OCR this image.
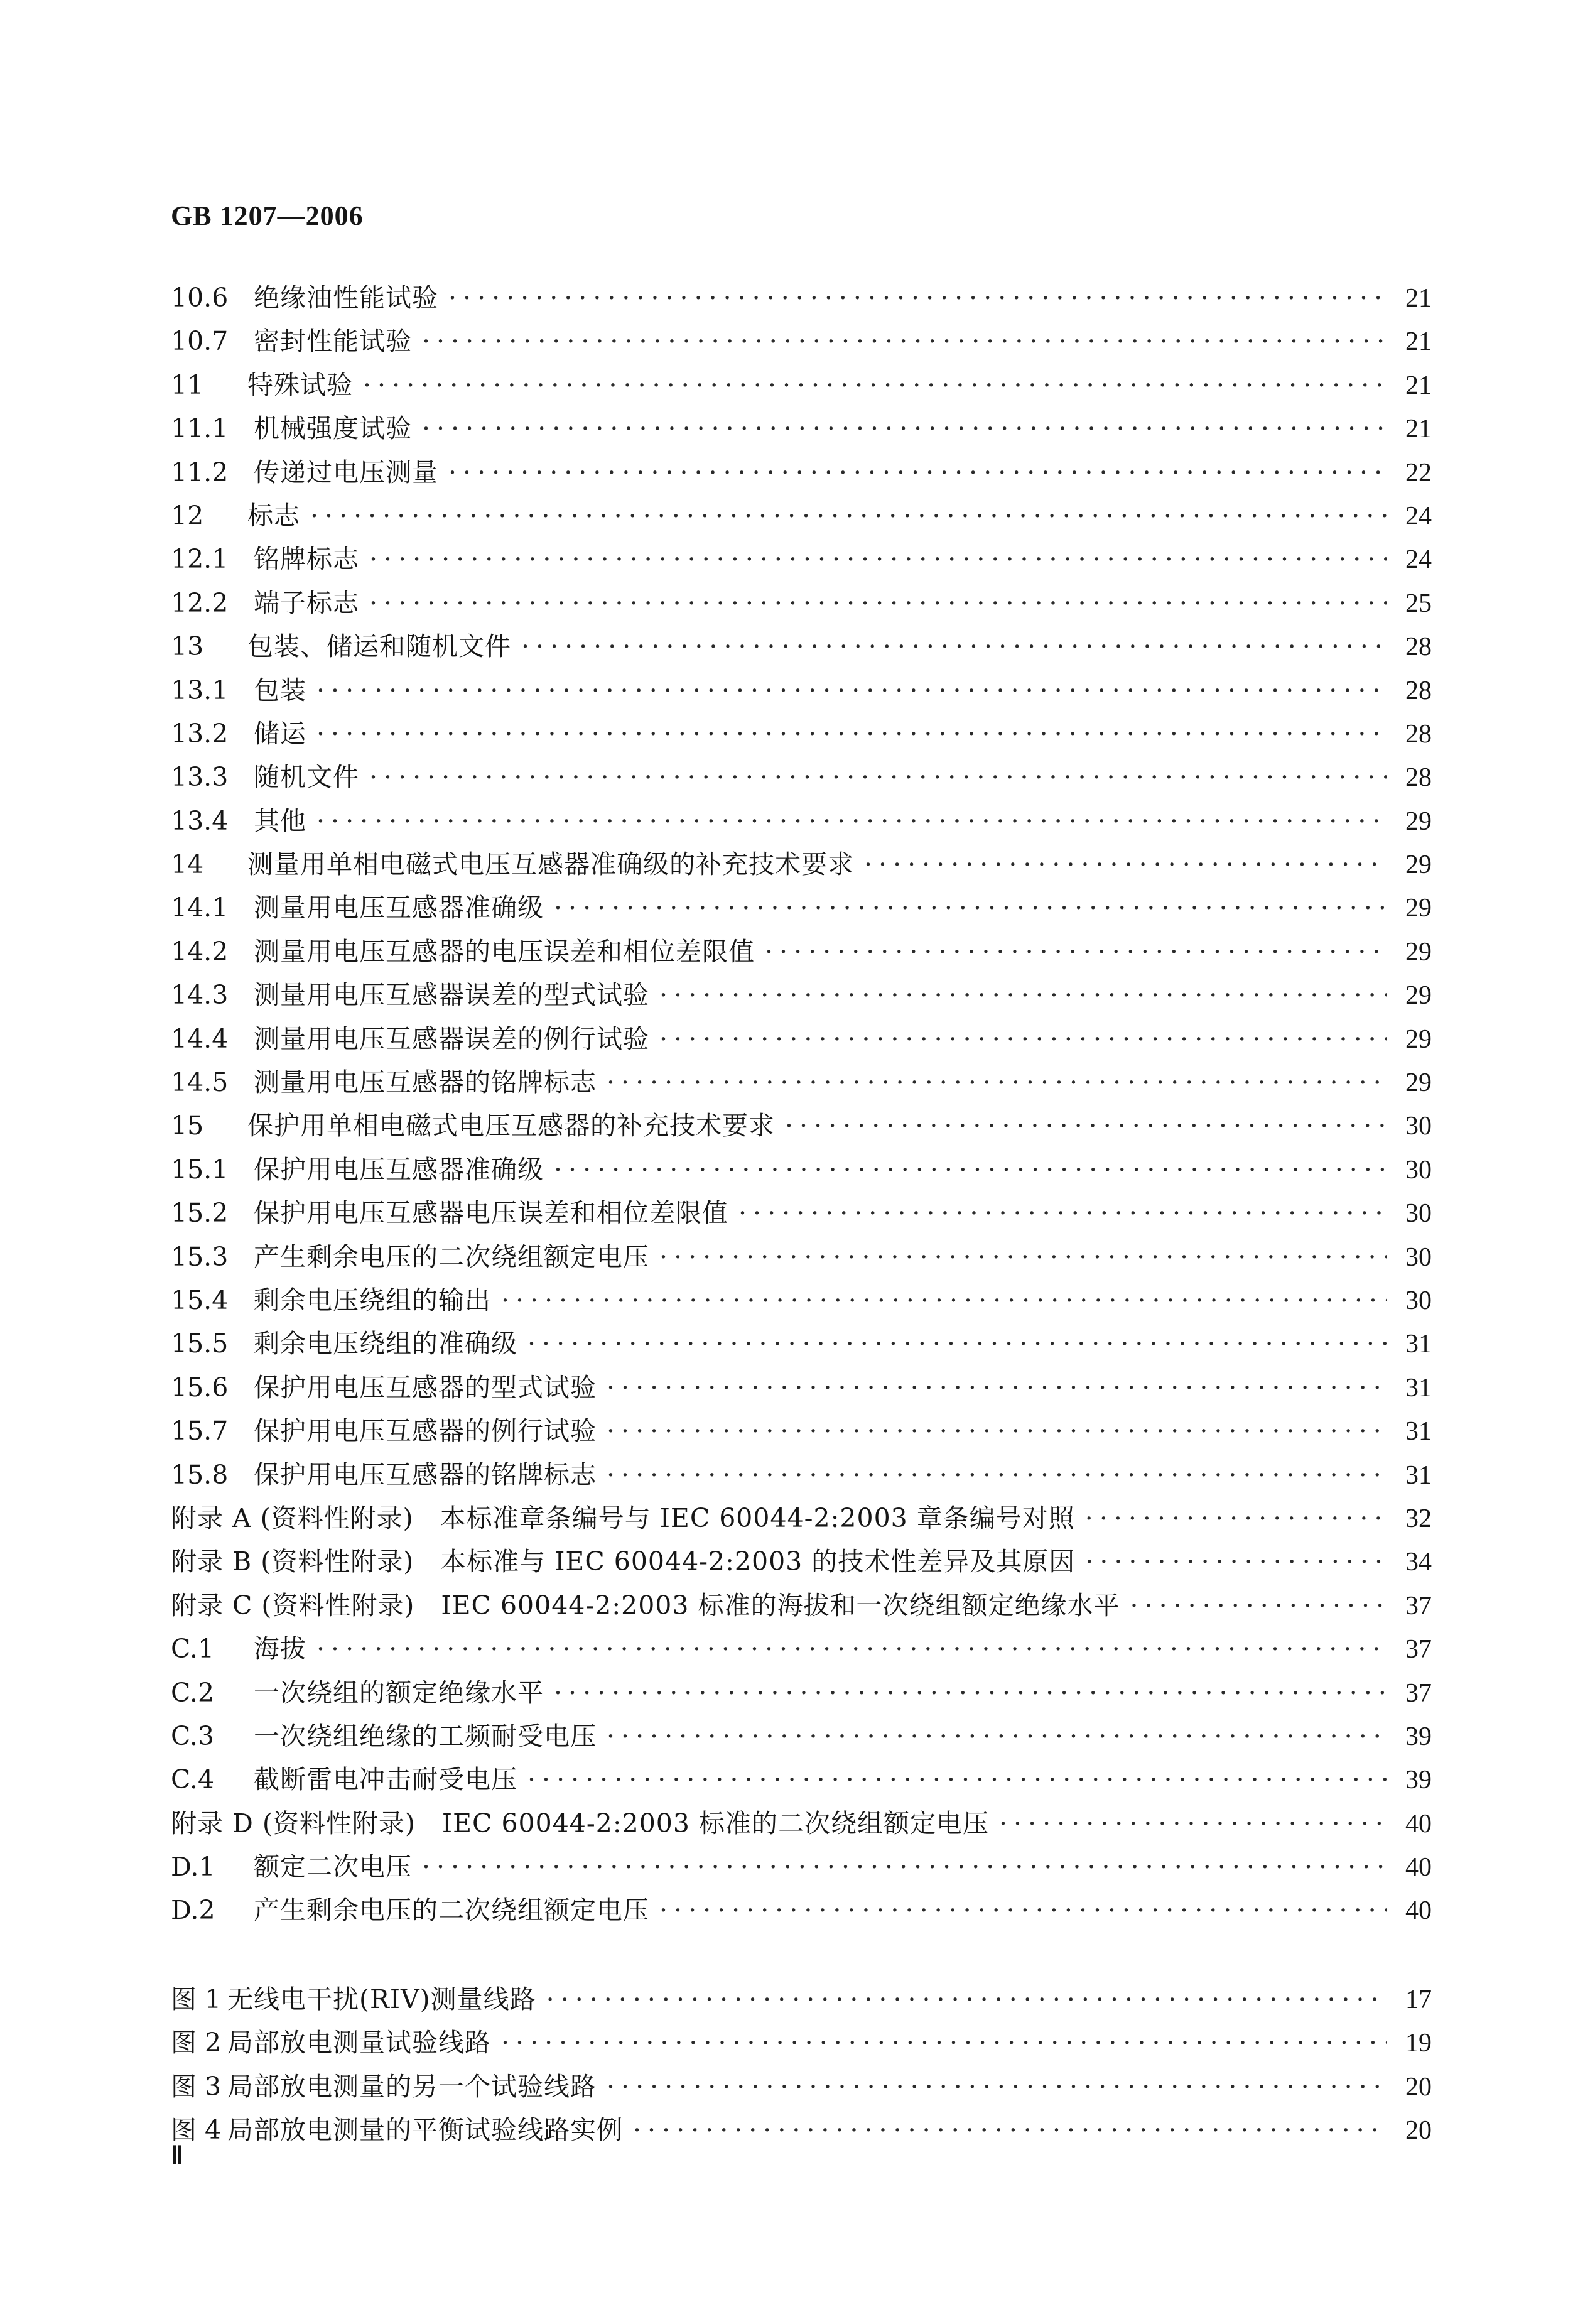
GB 1207—2006
10.6 绝缘油性能试验 ·····	21
10.7 密封性能试验 ·····	21
11	特殊试验 ·····	21
11.1 机械强度试验 ·····	21
11.2 传递过电压测量 ·····	22
12	标志 ·····	24
12.1 铭牌标志 ·····	24
12.2 端子标志 ·····	25
13	包装、储运和随机文件 ·····	28
13.1 包装 ·····	28
13.2 储运 ·····	28
13.3 随机文件 ·····	28
13.4 其他 ·····	29
14	测量用单相电磁式电压互感器准确级的补充技术要求 ·····	29
14.1 测量用电压互感器准确级 ·····	29
14.2 测量用电压互感器的电压误差和相位差限值 ·····	29
14.3 测量用电压互感器误差的型式试验 ·····	29
14.4 测量用电压互感器误差的例行试验 ·····	29
14.5 测量用电压互感器的铭牌标志 ·····	29
15	保护用单相电磁式电压互感器的补充技术要求 ·····	30
15.1 保护用电压互感器准确级 ·····	30
15.2 保护用电压互感器电压误差和相位差限值 ·····	30
15.3 产生剩余电压的二次绕组额定电压 ·····	30
15.4 剩余电压绕组的输出 ·····	30
15.5 剩余电压绕组的准确级 ·····	31
15.6 保护用电压互感器的型式试验 ·····	31
15.7 保护用电压互感器的例行试验 ·····	31
15.8 保护用电压互感器的铭牌标志 ·····	31
附录 A (资料性附录)　本标准章条编号与 IEC 60044-2:2003 章条编号对照 ·····	32
附录 B (资料性附录)　本标准与 IEC 60044-2:2003 的技术性差异及其原因 ·····	34
附录 C (资料性附录)　IEC 60044-2:2003 标准的海拔和一次绕组额定绝缘水平 ·····	37
C.1	海拔 ·····	37
C.2	一次绕组的额定绝缘水平 ·····	37
C.3	一次绕组绝缘的工频耐受电压 ·····	39
C.4	截断雷电冲击耐受电压 ·····	39
附录 D (资料性附录)　IEC 60044-2:2003 标准的二次绕组额定电压 ·····	40
D.1	额定二次电压 ·····	40
D.2	产生剩余电压的二次绕组额定电压 ·····	40
图 1 无线电干扰(RIV)测量线路 ·····	17
图 2 局部放电测量试验线路 ·····	19
图 3 局部放电测量的另一个试验线路 ·····	20
图 4 局部放电测量的平衡试验线路实例 ·····	20
Ⅱ
